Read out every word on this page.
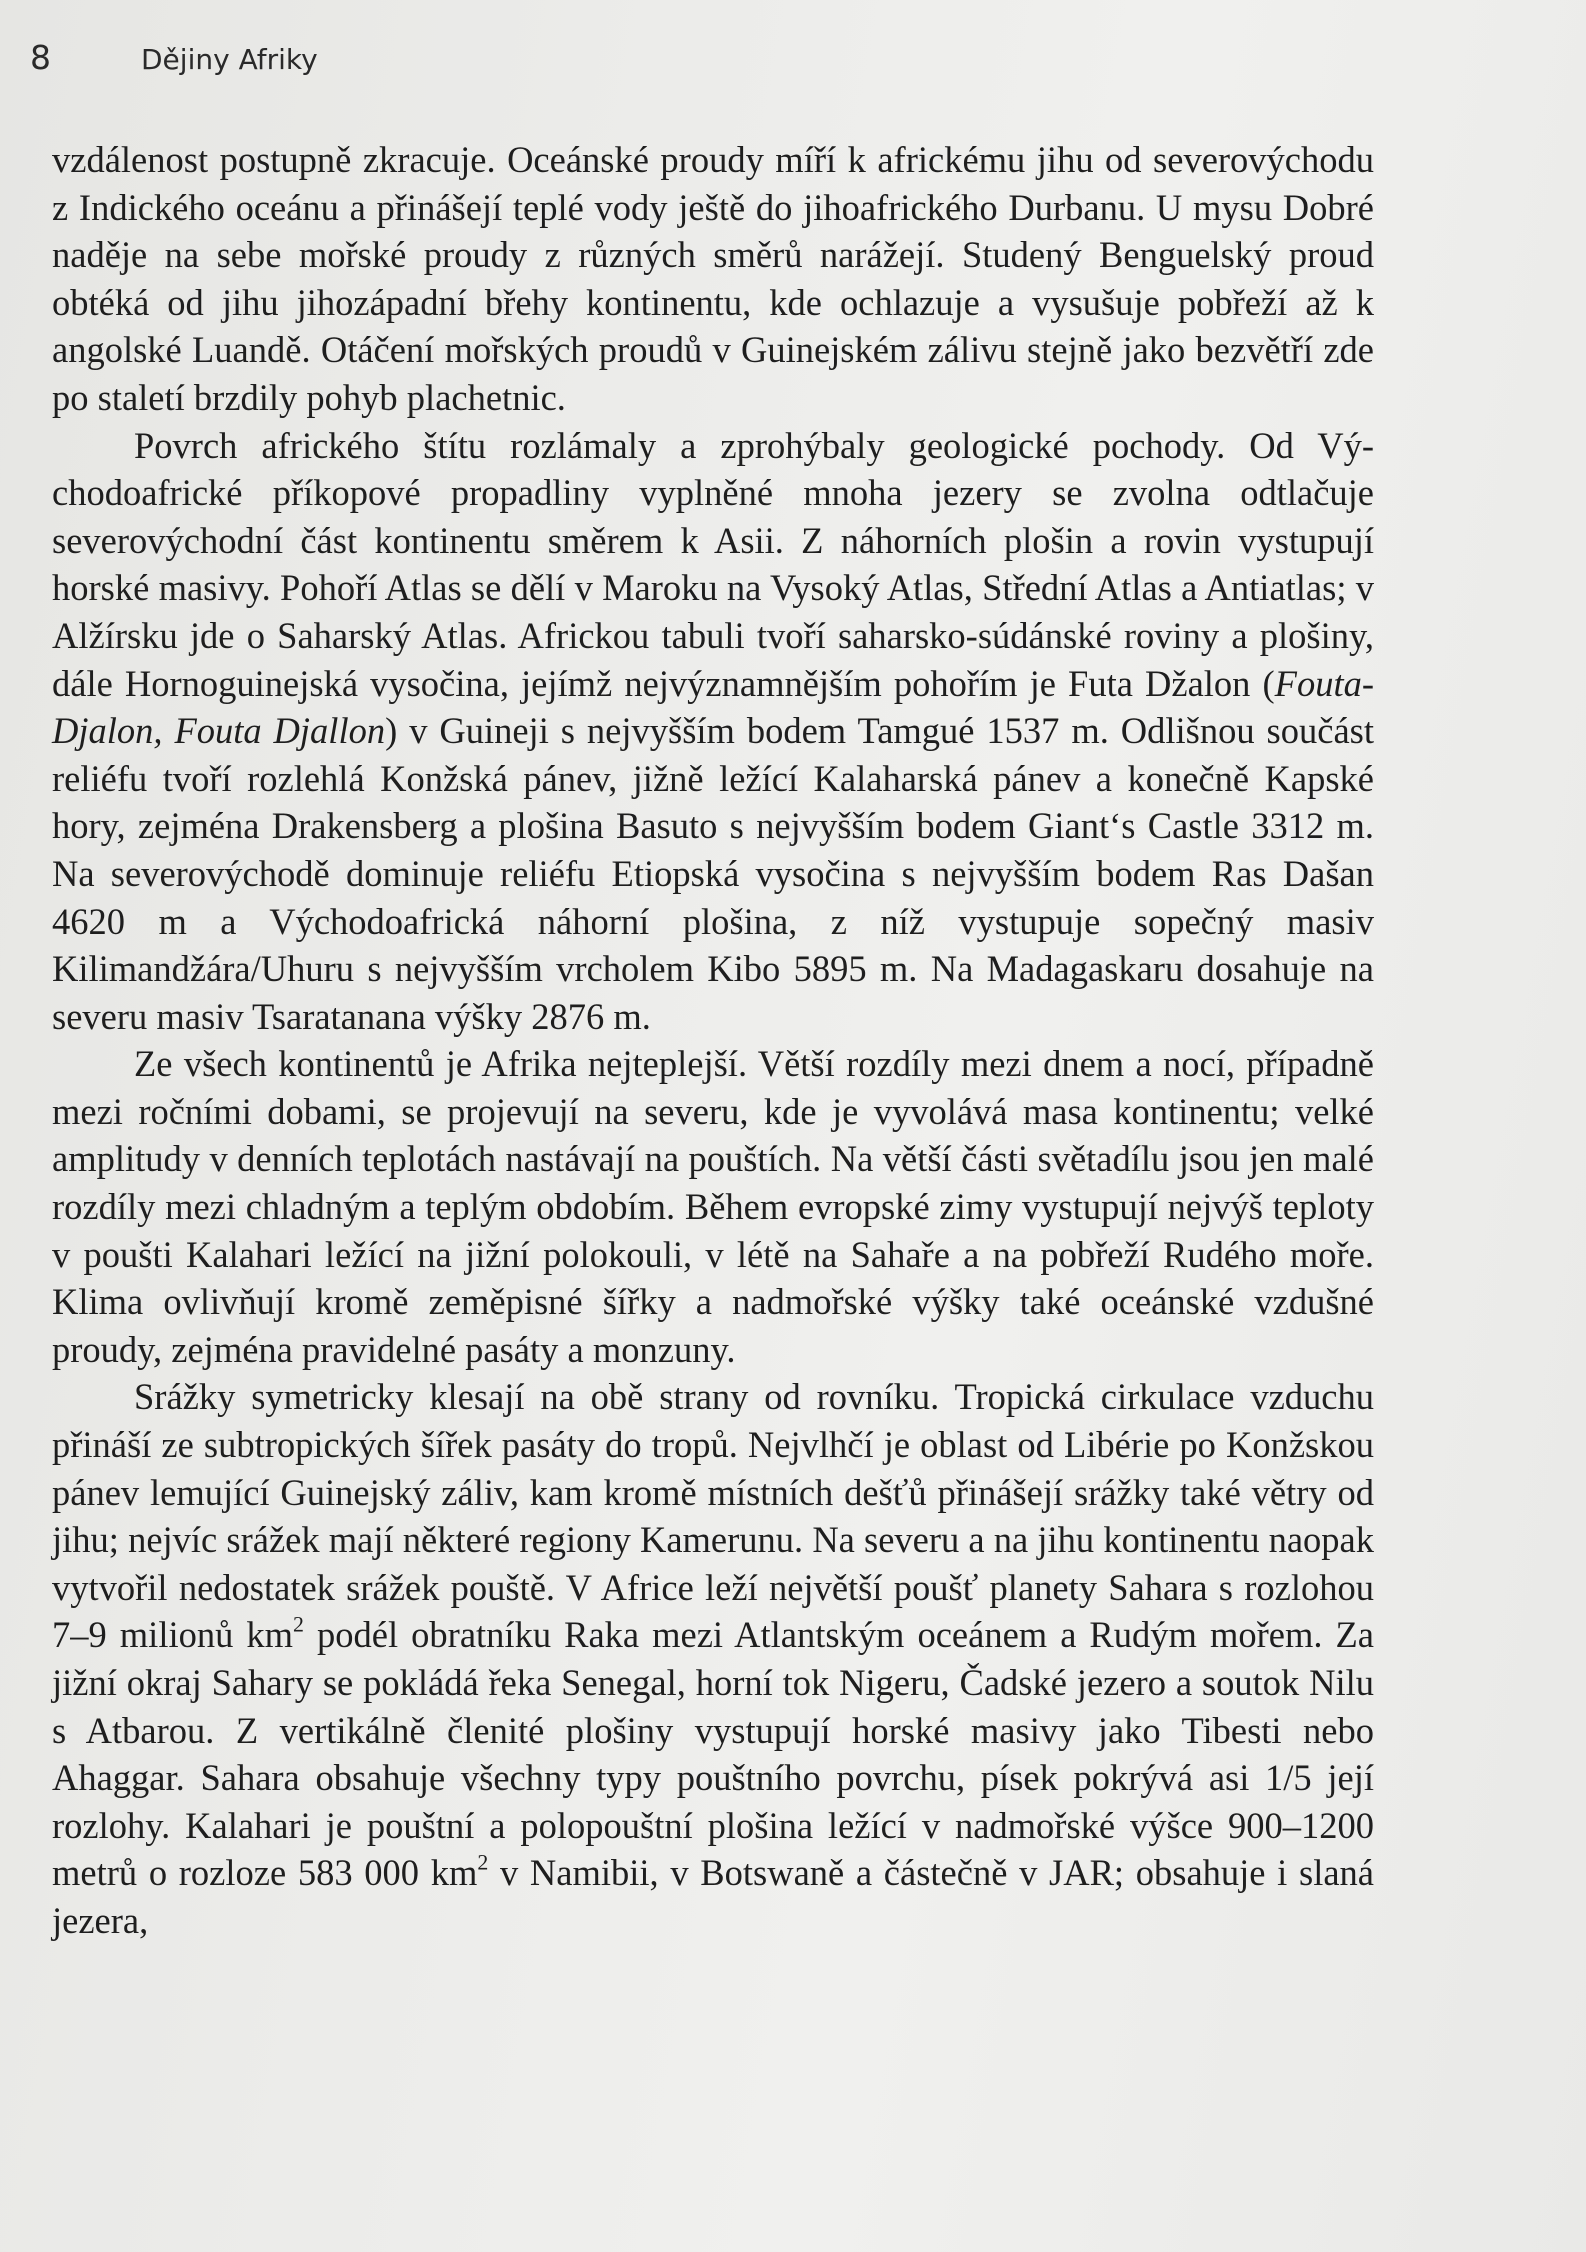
8	Dějiny Afriky

vzdálenost postupně zkracuje. Oceánské proudy míří k africkému jihu od severovýchodu z Indického oceánu a přinášejí teplé vody ještě do jihoafrického Durbanu. U mysu Dobré naděje na sebe mořské proudy z různých směrů narážejí. Studený Benguelský proud obtéká od jihu jihozápadní břehy kontinentu, kde ochlazuje a vysušuje pobřeží až k angolské Luandě. Otáčení mořských proudů v Guinejském zálivu stejně jako bezvětří zde po staletí brzdily pohyb plachetnic.

Povrch afrického štítu rozlámaly a zprohýbaly geologické pochody. Od Východoafrické příkopové propadliny vyplněné mnoha jezery se zvolna odtlačuje severovýchodní část kontinentu směrem k Asii. Z náhorních plošin a rovin vystupují horské masivy. Pohoří Atlas se dělí v Maroku na Vysoký Atlas, Střední Atlas a Antiatlas; v Alžírsku jde o Saharský Atlas. Africkou tabuli tvoří saharsko-súdánské roviny a plošiny, dále Hornoguinejská vysočina, jejímž nejvýznamnějším pohořím je Futa Džalon (Fouta-Djalon, Fouta Djallon) v Guineji s nejvyšším bodem Tamgué 1537 m. Odlišnou součást reliéfu tvoří rozlehlá Konžská pánev, jižně ležící Kalaharská pánev a konečně Kapské hory, zejména Drakensberg a plošina Basuto s nejvyšším bodem Giant‘s Castle 3312 m. Na severovýchodě dominuje reliéfu Etiopská vysočina s nejvyšším bodem Ras Dašan 4620 m a Východoafrická náhorní plošina, z níž vystupuje sopečný masiv Kilimandžára/Uhuru s nejvyšším vrcholem Kibo 5895 m. Na Madagaskaru dosahuje na severu masiv Tsaratanana výšky 2876 m.

Ze všech kontinentů je Afrika nejteplejší. Větší rozdíly mezi dnem a nocí, případně mezi ročními dobami, se projevují na severu, kde je vyvolává masa kontinentu; velké amplitudy v denních teplotách nastávají na pouštích. Na větší části světadílu jsou jen malé rozdíly mezi chladným a teplým obdobím. Během evropské zimy vystupují nejvýš teploty v poušti Kalahari ležící na jižní polokouli, v létě na Sahaře a na pobřeží Rudého moře. Klima ovlivňují kromě zeměpisné šířky a nadmořské výšky také oceánské vzdušné proudy, zejména pravidelné pasáty a monzuny.

Srážky symetricky klesají na obě strany od rovníku. Tropická cirkulace vzduchu přináší ze subtropických šířek pasáty do tropů. Nejvlhčí je oblast od Libérie po Konžskou pánev lemující Guinejský záliv, kam kromě místních dešťů přinášejí srážky také větry od jihu; nejvíc srážek mají některé regiony Kamerunu. Na severu a na jihu kontinentu naopak vytvořil nedostatek srážek pouště. V Africe leží největší poušť planety Sahara s rozlohou 7–9 milionů $km^2$ podél obratníku Raka mezi Atlantským oceánem a Rudým mořem. Za jižní okraj Sahary se pokládá řeka Senegal, horní tok Nigeru, Čadské jezero a soutok Nilu s Atbarou. Z vertikálně členité plošiny vystupují horské masivy jako Tibesti nebo Ahaggar. Sahara obsahuje všechny typy pouštního povrchu, písek pokrývá asi 1/5 její rozlohy. Kalahari je pouštní a polopouštní plošina ležící v nadmořské výšce 900–1200 metrů o rozloze 583 000 $km^2$ v Namibii, v Botswaně a částečně v JAR; obsahuje i slaná jezera,
